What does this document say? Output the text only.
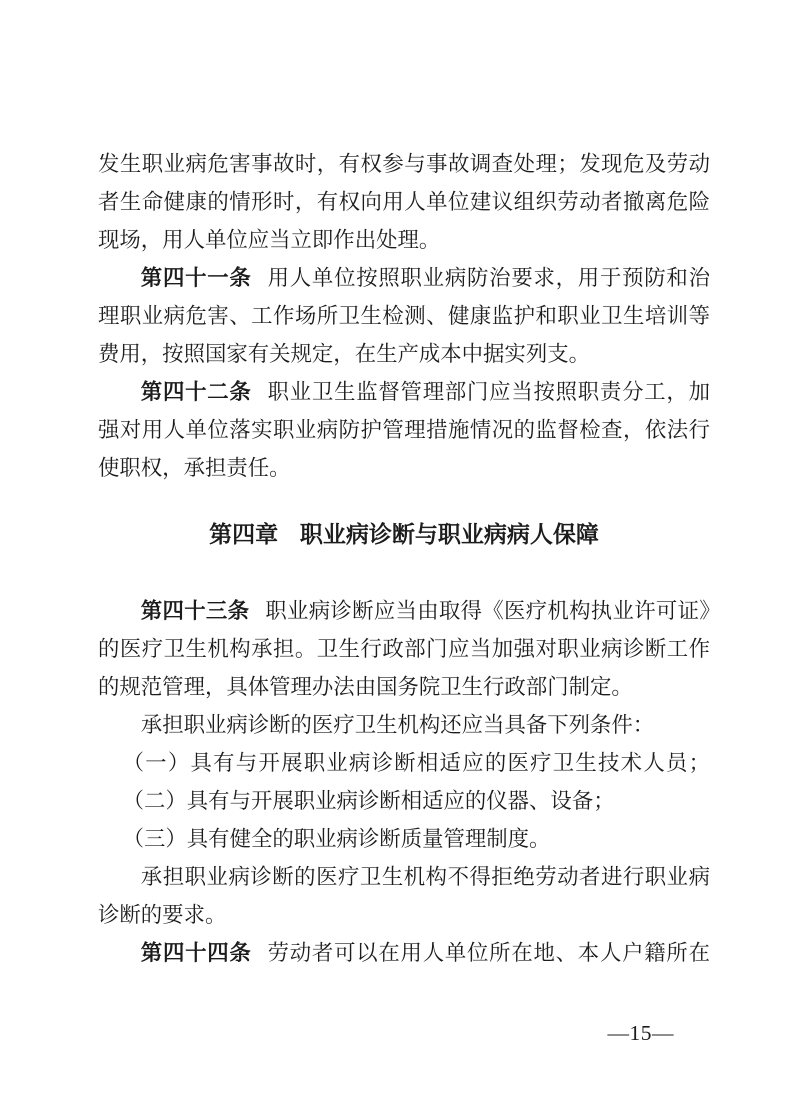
发生职业病危害事故时，有权参与事故调查处理；发现危及劳动者生命健康的情形时，有权向用人单位建议组织劳动者撤离危险现场，用人单位应当立即作出处理。

第四十一条 用人单位按照职业病防治要求，用于预防和治理职业病危害、工作场所卫生检测、健康监护和职业卫生培训等费用，按照国家有关规定，在生产成本中据实列支。

第四十二条 职业卫生监督管理部门应当按照职责分工，加强对用人单位落实职业病防护管理措施情况的监督检查，依法行使职权，承担责任。

第四章 职业病诊断与职业病病人保障

第四十三条 职业病诊断应当由取得《医疗机构执业许可证》的医疗卫生机构承担。卫生行政部门应当加强对职业病诊断工作的规范管理，具体管理办法由国务院卫生行政部门制定。

承担职业病诊断的医疗卫生机构还应当具备下列条件：

（一）具有与开展职业病诊断相适应的医疗卫生技术人员；

（二）具有与开展职业病诊断相适应的仪器、设备；

（三）具有健全的职业病诊断质量管理制度。

承担职业病诊断的医疗卫生机构不得拒绝劳动者进行职业病诊断的要求。

第四十四条 劳动者可以在用人单位所在地、本人户籍所在

—15—
